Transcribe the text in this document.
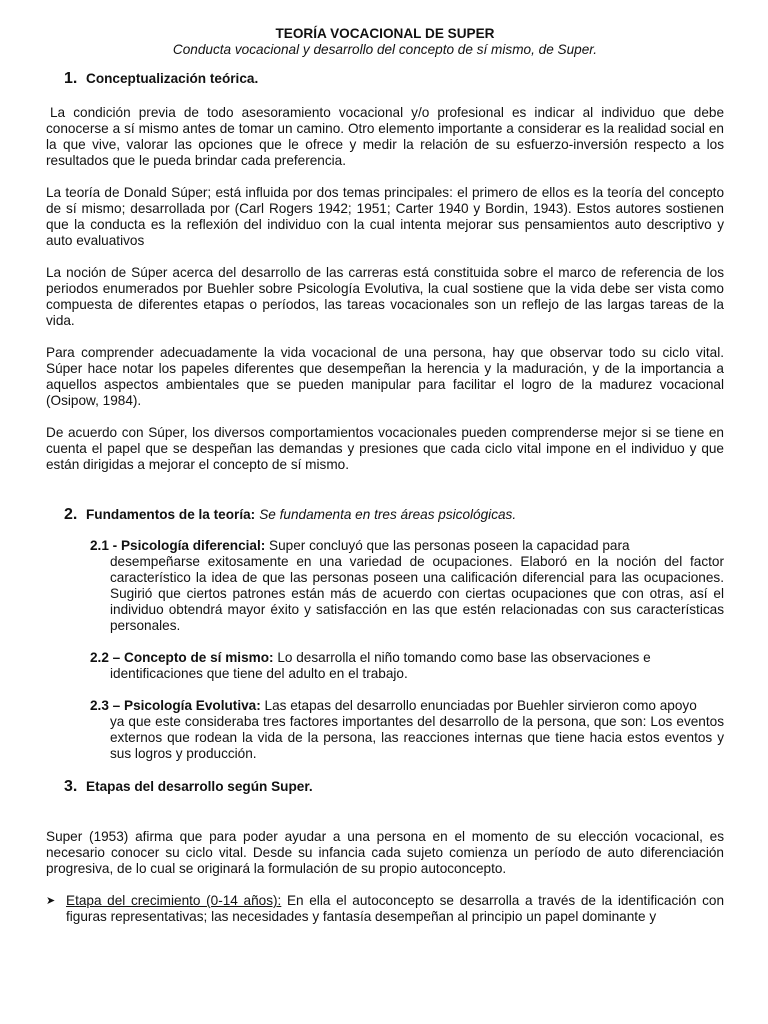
TEORÍA VOCACIONAL DE SUPER
Conducta vocacional y desarrollo del concepto de sí mismo, de Super.
1. Conceptualización teórica.

La condición previa de todo asesoramiento vocacional y/o profesional es indicar al individuo que debe conocerse a sí mismo antes de tomar un camino. Otro elemento importante a considerar es la realidad social en la que vive, valorar las opciones que le ofrece y medir la relación de su esfuerzo-inversión respecto a los resultados que le pueda brindar cada preferencia.

La teoría de Donald Súper; está influida por dos temas principales: el primero de ellos es la teoría del concepto de sí mismo; desarrollada por (Carl Rogers 1942; 1951; Carter 1940 y Bordin, 1943). Estos autores sostienen que la conducta es la reflexión del individuo con la cual intenta mejorar sus pensamientos auto descriptivo y auto evaluativos

La noción de Súper acerca del desarrollo de las carreras está constituida sobre el marco de referencia de los periodos enumerados por Buehler sobre Psicología Evolutiva, la cual sostiene que la vida debe ser vista como compuesta de diferentes etapas o períodos, las tareas vocacionales son un reflejo de las largas tareas de la vida.

Para comprender adecuadamente la vida vocacional de una persona, hay que observar todo su ciclo vital. Súper hace notar los papeles diferentes que desempeñan la herencia y la maduración, y de la importancia a aquellos aspectos ambientales que se pueden manipular para facilitar el logro de la madurez vocacional (Osipow, 1984).

De acuerdo con Súper, los diversos comportamientos vocacionales pueden comprenderse mejor si se tiene en cuenta el papel que se despeñan las demandas y presiones que cada ciclo vital impone en el individuo y que están dirigidas a mejorar el concepto de sí mismo.

2. Fundamentos de la teoría: Se fundamenta en tres áreas psicológicas.
2.1 - Psicología diferencial: Super concluyó que las personas poseen la capacidad para
desempeñarse exitosamente en una variedad de ocupaciones. Elaboró en la noción del factor característico la idea de que las personas poseen una calificación diferencial para las ocupaciones. Sugirió que ciertos patrones están más de acuerdo con ciertas ocupaciones que con otras, así el individuo obtendrá mayor éxito y satisfacción en las que estén relacionadas con sus características personales.
2.2 – Concepto de sí mismo: Lo desarrolla el niño tomando como base las observaciones e
identificaciones que tiene del adulto en el trabajo.
2.3 – Psicología Evolutiva: Las etapas del desarrollo enunciadas por Buehler sirvieron como apoyo
ya que este consideraba tres factores importantes del desarrollo de la persona, que son: Los eventos externos que rodean la vida de la persona, las reacciones internas que tiene hacia estos eventos y sus logros y producción.
3. Etapas del desarrollo según Super.

Super (1953) afirma que para poder ayudar a una persona en el momento de su elección vocacional, es necesario conocer su ciclo vital. Desde su infancia cada sujeto comienza un período de auto diferenciación progresiva, de lo cual se originará la formulación de su propio autoconcepto.

➤ Etapa del crecimiento (0-14 años): En ella el autoconcepto se desarrolla a través de la identificación con figuras representativas; las necesidades y fantasía desempeñan al principio un papel dominante y
